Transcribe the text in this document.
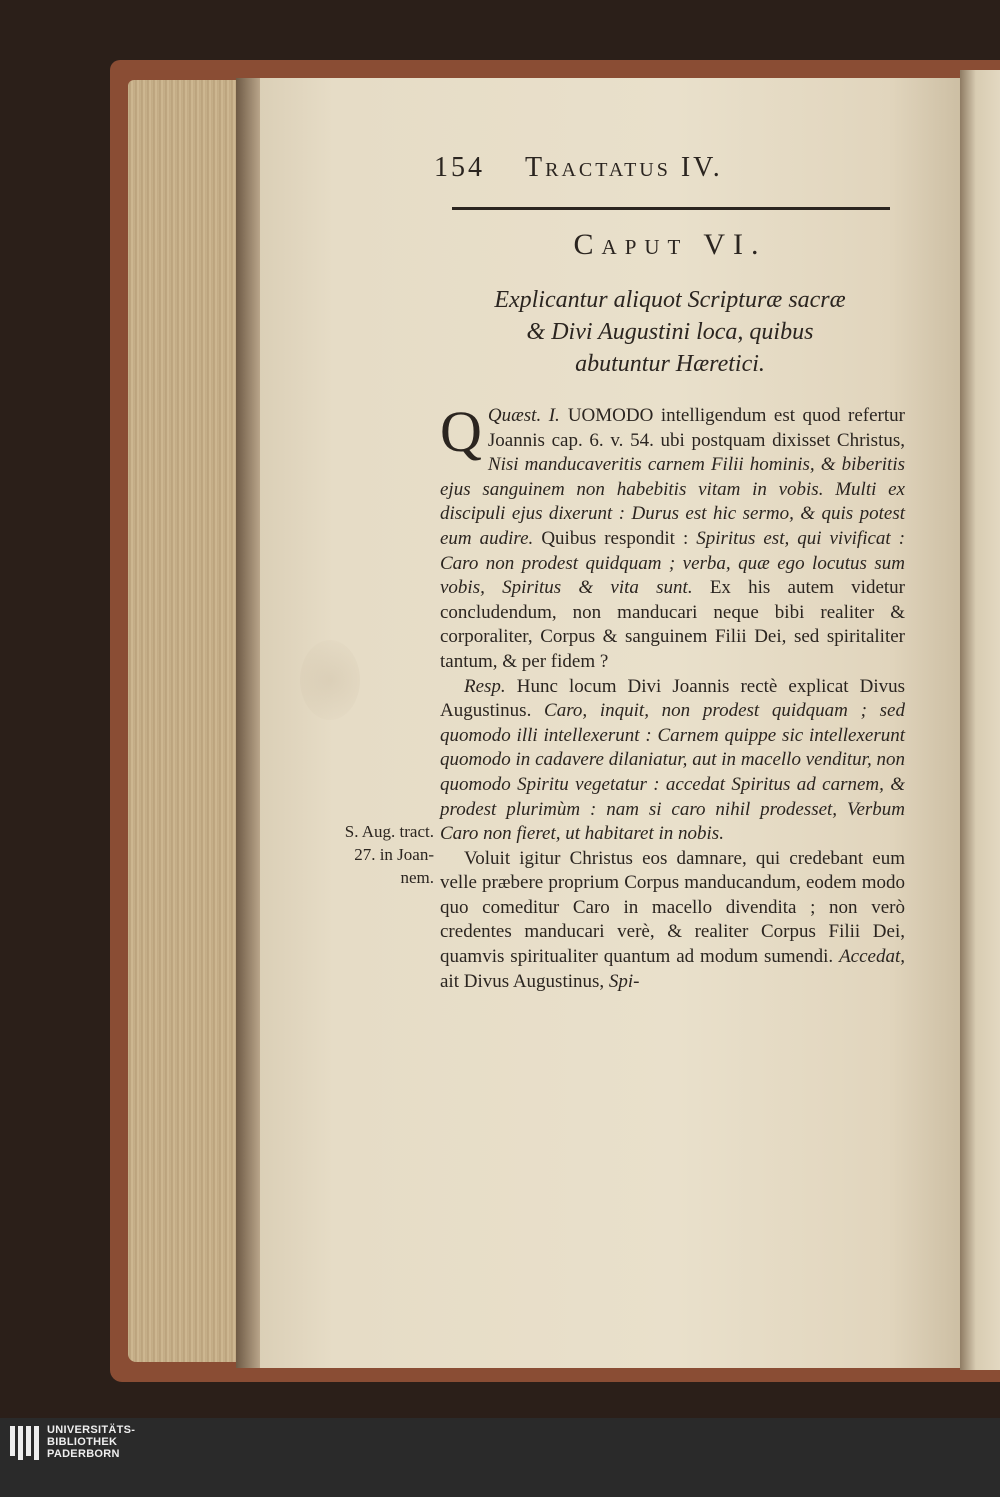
154 Tractatus IV.
Caput VI.
Explicantur aliquot Scripturæ sacræ
& Divi Augustini loca, quibus
abutuntur Hæretici.

Quæst. I.
Q	UOMODO intelligendum est quod refertur Joannis cap. 6. v. 54. ubi postquam dixisset Christus, Nisi manducaveritis carnem Filii hominis, & biberitis ejus sanguinem non habebitis vitam in vobis. Multi ex discipuli ejus dixerunt : Durus est hic sermo, & quis potest eum audire. Quibus respondit : Spiritus est, qui vivificat : Caro non prodest quidquam ; verba, quæ ego locutus sum vobis, Spiritus & vita sunt. Ex his autem videtur concludendum, non manducari neque bibi realiter & corporaliter, Corpus & sanguinem Filii Dei, sed spiritaliter tantum, & per fidem ?

Resp. Hunc locum Divi Joannis rectè explicat Divus Augustinus. Caro, inquit, non prodest quidquam ; sed quomodo illi intellexerunt : Carnem quippe sic intellexerunt quomodo in cadavere dilaniatur, aut in macello venditur, non quomodo Spiritu vegetatur : accedat Spiritus ad carnem, & prodest plurimùm : nam si caro nihil prodesset, Verbum Caro non fieret, ut habitaret in nobis.

Voluit igitur Christus eos damnare, qui credebant eum velle præbere proprium Corpus manducandum, eodem modo quo comeditur Caro in macello divendita ; non verò credentes manducari verè, & realiter Corpus Filii Dei, quamvis spiritualiter quantum ad modum sumendi. Accedat, ait Divus Augustinus, Spi-

S. Aug. tract.
27. in Joan-
nem.
UNIVERSITÄTS-
BIBLIOTHEK
PADERBORN
